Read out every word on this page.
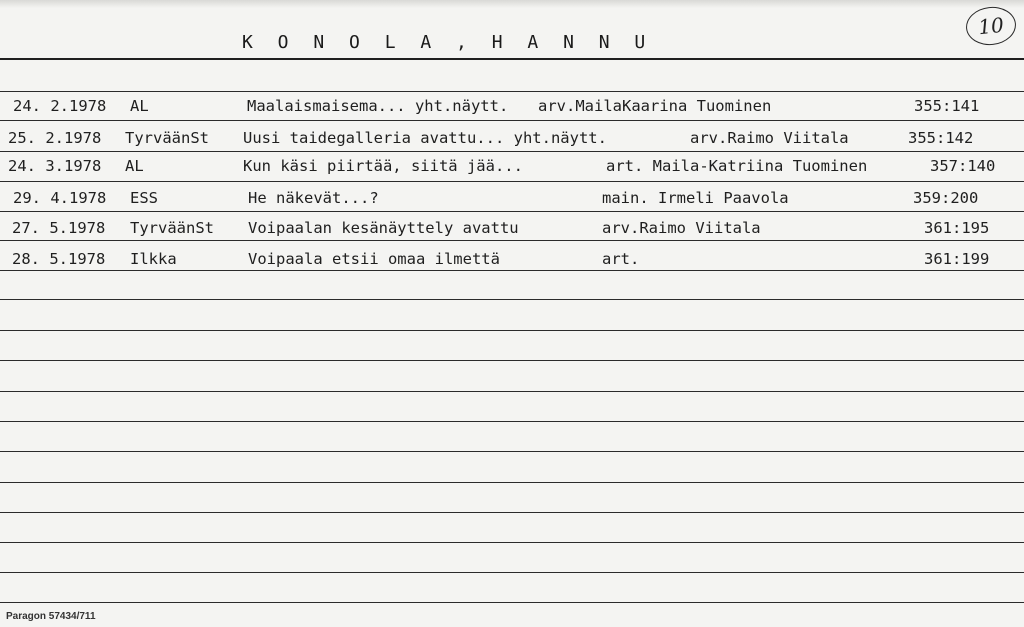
K O N O L A , H A N N U
10
24. 2.1978 AL	Maalaismaisema... yht.näytt. arv.MailaKaarina Tuominen	355:141
25. 2.1978 TyrväänSt Uusi taidegalleria avattu... yht.näytt.	arv.Raimo Viitala	355:142
24. 3.1978 AL	Kun käsi piirtää, siitä jää...	art. Maila-Katriina Tuominen	357:140
29. 4.1978 ESS	He näkevät...?	main. Irmeli Paavola	359:200
27. 5.1978 TyrväänSt Voipaalan kesänäyttely avattu	arv.Raimo Viitala	361:195
28. 5.1978 Ilkka	Voipaala etsii omaa ilmettä	art.	361:199
Paragon 57434/711
